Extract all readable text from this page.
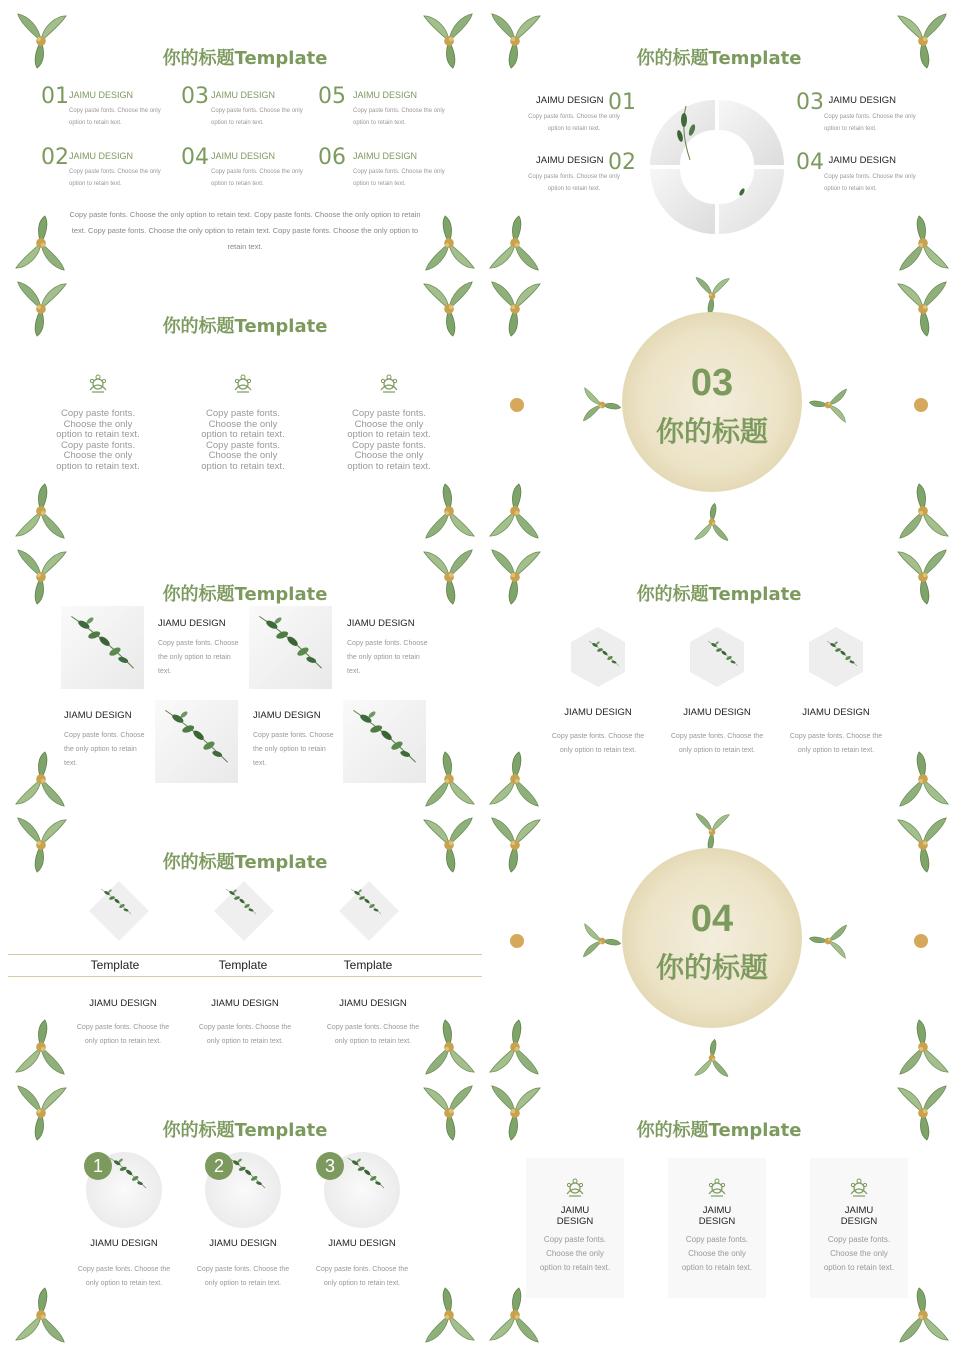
你的标题Template
01 JAIMU DESIGN
Copy paste fonts. Choose the only
option to retain text.
03 JAIMU DESIGN
Copy paste fonts. Choose the only
option to retain text.
05 JAIMU DESIGN
Copy paste fonts. Choose the only
option to retain text.
02 JAIMU DESIGN
Copy paste fonts. Choose the only
option to retain text.
04 JAIMU DESIGN
Copy paste fonts. Choose the only
option to retain text.
06 JAIMU DESIGN
Copy paste fonts. Choose the only
option to retain text.
Copy paste fonts. Choose the only option to retain text. Copy paste fonts. Choose the only option to retain
text. Copy paste fonts. Choose the only option to retain text. Copy paste fonts. Choose the only option to
retain text.
你的标题Template
$^{JAIMU DESIGN}$ 01
Copy paste fonts. Choose the only
option to retain text.
$^{JAIMU DESIGN}$ 02
Copy paste fonts. Choose the only
option to retain text.
03 $^{JAIMU DESIGN}$
Copy paste fonts. Choose the only
option to retain text.
04 $^{JAIMU DESIGN}$
Copy paste fonts. Choose the only
option to retain text.
你的标题Template
Copy paste fonts.
Choose the only
option to retain text.
Copy paste fonts.
Choose the only
option to retain text.
Copy paste fonts.
Choose the only
option to retain text.
Copy paste fonts.
Choose the only
option to retain text.
Copy paste fonts.
Choose the only
option to retain text.
Copy paste fonts.
Choose the only
option to retain text.
03
你的标题
你的标题Template
JIAMU DESIGN
Copy paste fonts. Choose
the only option to retain
text.
JIAMU DESIGN
Copy paste fonts. Choose
the only option to retain
text.
JIAMU DESIGN
Copy paste fonts. Choose
the only option to retain
text.
JIAMU DESIGN
Copy paste fonts. Choose
the only option to retain
text.
你的标题Template
JIAMU DESIGN
Copy paste fonts. Choose the
only option to retain text.
JIAMU DESIGN
Copy paste fonts. Choose the
only option to retain text.
JIAMU DESIGN
Copy paste fonts. Choose the
only option to retain text.
你的标题Template
Template	Template	Template
JIAMU DESIGN
Copy paste fonts. Choose the
only option to retain text.
JIAMU DESIGN
Copy paste fonts. Choose the
only option to retain text.
JIAMU DESIGN
Copy paste fonts. Choose the
only option to retain text.
04
你的标题
你的标题Template
1
JIAMU DESIGN
Copy paste fonts. Choose the
only option to retain text.
2
JIAMU DESIGN
Copy paste fonts. Choose the
only option to retain text.
3
JIAMU DESIGN
Copy paste fonts. Choose the
only option to retain text.
你的标题Template
JAIMU
DESIGN
Copy paste fonts.
Choose the only
option to retain text.
JAIMU
DESIGN
Copy paste fonts.
Choose the only
option to retain text.
JAIMU
DESIGN
Copy paste fonts.
Choose the only
option to retain text.
